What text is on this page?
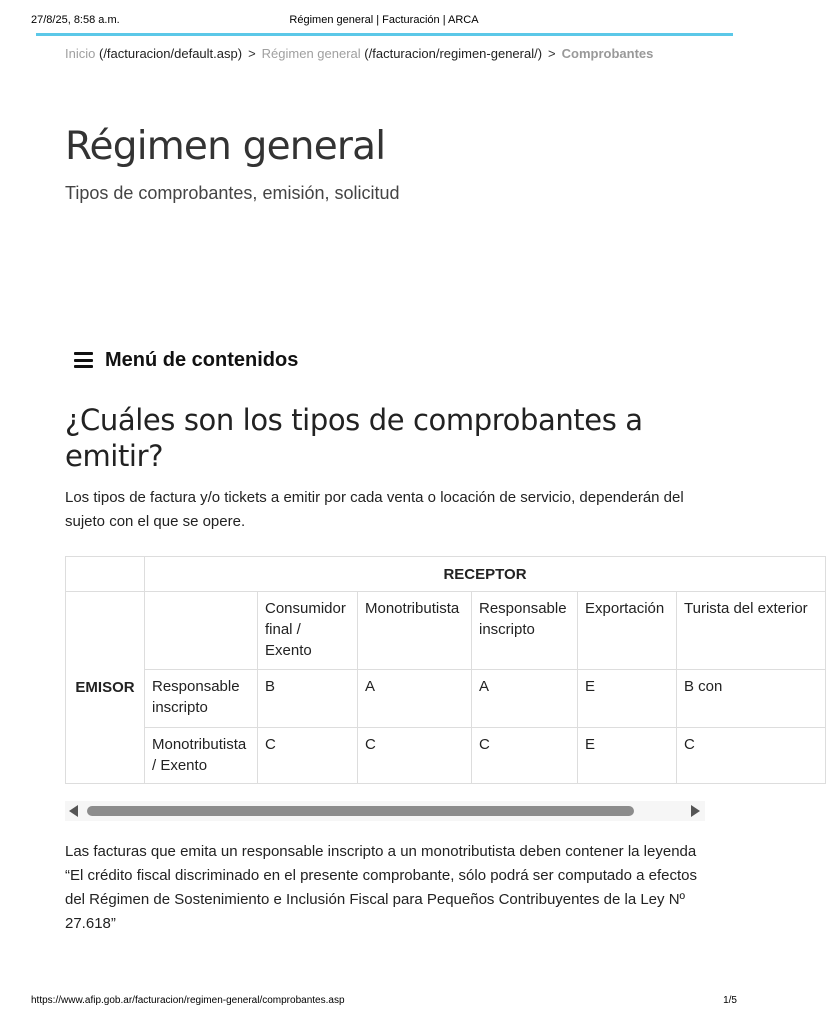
27/8/25, 8:58 a.m.	Régimen general | Facturación | ARCA
Inicio (/facturacion/default.asp) > Régimen general (/facturacion/regimen-general/) > Comprobantes
Régimen general

Tipos de comprobantes, emisión, solicitud

Menú de contenidos
¿Cuáles son los tipos de comprobantes a emitir?

Los tipos de factura y/o tickets a emitir por cada venta o locación de servicio, dependerán del sujeto con el que se opere.

	RECEPTOR					
EMISOR		Consumidor final / Exento	Monotributista	Responsable inscripto	Exportación	Turista del exterior
	Responsable inscripto	B	A	A	E	B con
	Monotributista / Exento	C	C	C	E	C

Las facturas que emita un responsable inscripto a un monotributista deben contener la leyenda “El crédito fiscal discriminado en el presente comprobante, sólo podrá ser computado a efectos del Régimen de Sostenimiento e Inclusión Fiscal para Pequeños Contribuyentes de la Ley Nº 27.618”

https://www.afip.gob.ar/facturacion/regimen-general/comprobantes.asp	1/5
